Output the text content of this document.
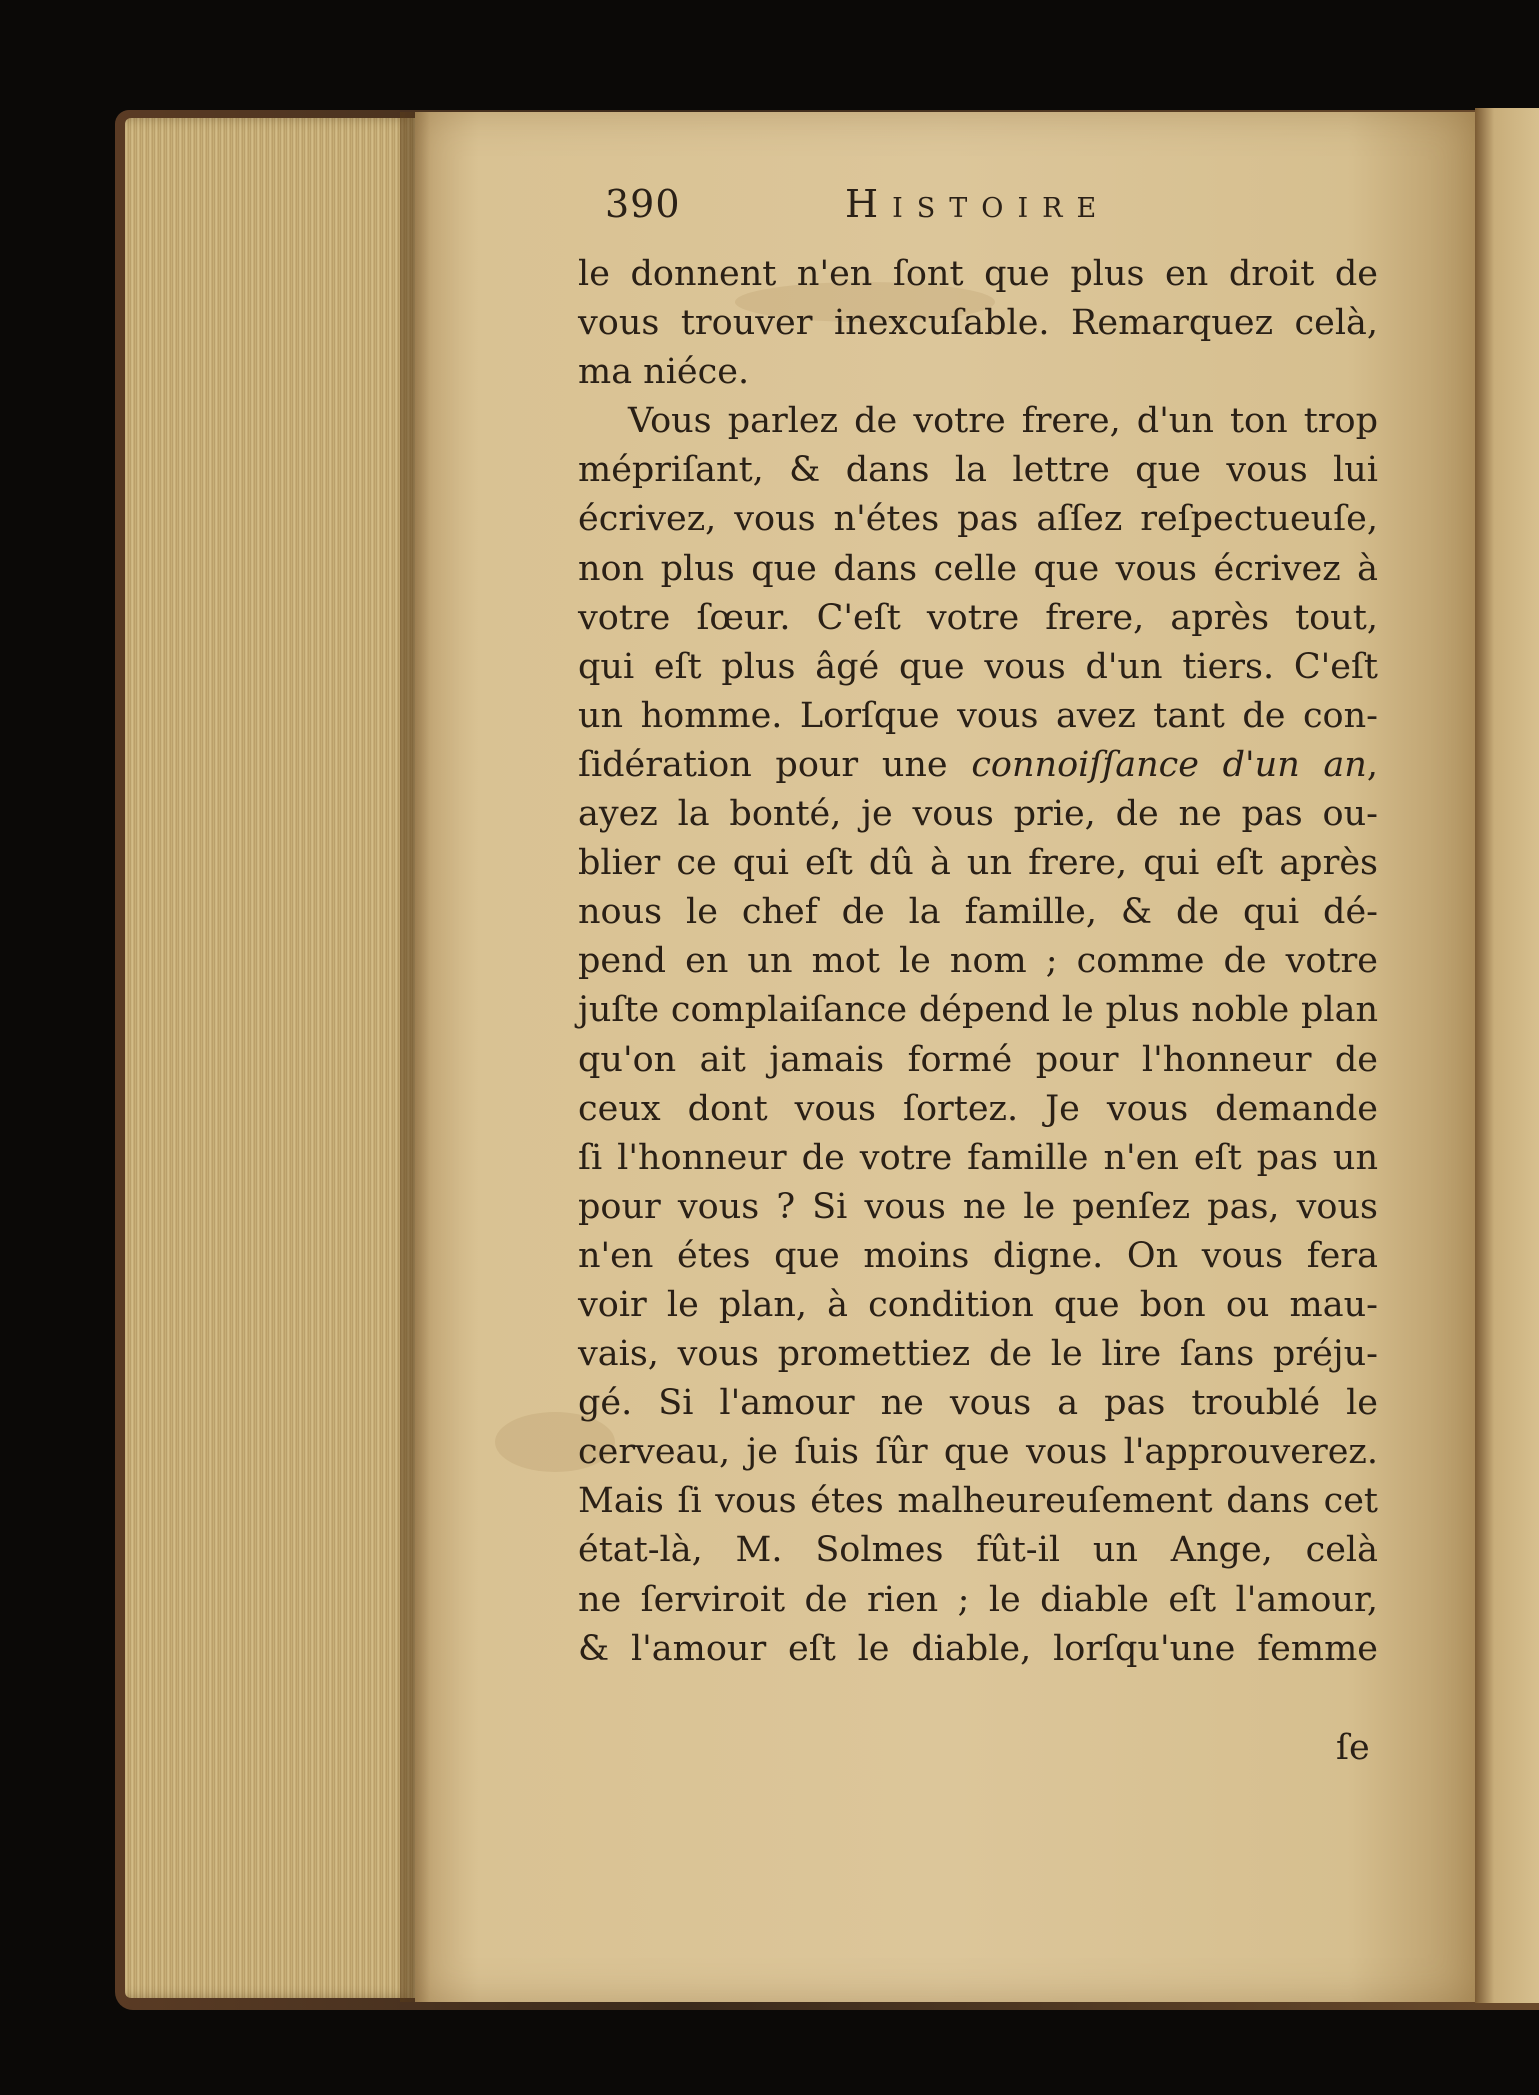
390	Histoire
le donnent n'en ſont que plus en droit de
vous trouver inexcuſable. Remarquez celà,
ma niéce.
Vous parlez de votre frere, d'un ton trop
mépriſant, & dans la lettre que vous lui
écrivez, vous n'étes pas aſſez reſpectueuſe,
non plus que dans celle que vous écrivez à
votre ſœur. C'eſt votre frere, après tout,
qui eſt plus âgé que vous d'un tiers. C'eſt
un homme. Lorſque vous avez tant de con-
ſidération pour une connoiſſance d'un an,
ayez la bonté, je vous prie, de ne pas ou-
blier ce qui eſt dû à un frere, qui eſt après
nous le chef de la famille, & de qui dé-
pend en un mot le nom ; comme de votre
juſte complaiſance dépend le plus noble plan
qu'on ait jamais formé pour l'honneur de
ceux dont vous ſortez. Je vous demande
ſi l'honneur de votre famille n'en eſt pas un
pour vous ? Si vous ne le penſez pas, vous
n'en étes que moins digne. On vous fera
voir le plan, à condition que bon ou mau-
vais, vous promettiez de le lire ſans préju-
gé. Si l'amour ne vous a pas troublé le
cerveau, je ſuis ſûr que vous l'approuverez.
Mais ſi vous étes malheureuſement dans cet
état-là, M. Solmes fût-il un Ange, celà
ne ſerviroit de rien ; le diable eſt l'amour,
& l'amour eſt le diable, lorſqu'une femme
ſe
